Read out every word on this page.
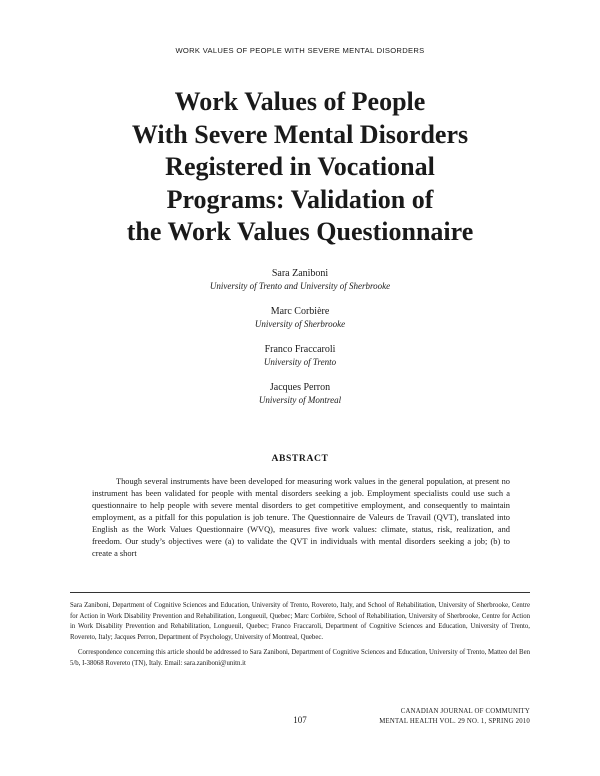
WORK VALUES OF PEOPLE WITH SEVERE MENTAL DISORDERS
Work Values of People
With Severe Mental Disorders
Registered in Vocational
Programs: Validation of
the Work Values Questionnaire
Sara Zaniboni
University of Trento and University of Sherbrooke
Marc Corbière
University of Sherbrooke
Franco Fraccaroli
University of Trento
Jacques Perron
University of Montreal
ABSTRACT

Though several instruments have been developed for measuring work values in the general population, at present no instrument has been validated for people with mental disorders seeking a job. Employment specialists could use such a questionnaire to help people with severe mental disorders to get competitive employment, and consequently to maintain employment, as a pitfall for this population is job tenure. The Questionnaire de Valeurs de Travail (QVT), translated into English as the Work Values Questionnaire (WVQ), measures five work values: climate, status, risk, realization, and freedom. Our study’s objectives were (a) to validate the QVT in individuals with mental disorders seeking a job; (b) to create a short

Sara Zaniboni, Department of Cognitive Sciences and Education, University of Trento, Rovereto, Italy, and School of Rehabilitation, University of Sherbrooke, Centre for Action in Work Disability Prevention and Rehabilitation, Longueuil, Quebec; Marc Corbière, School of Rehabilitation, University of Sherbrooke, Centre for Action in Work Disability Prevention and Rehabilitation, Longueuil, Quebec; Franco Fraccaroli, Department of Cognitive Sciences and Education, University of Trento, Rovereto, Italy; Jacques Perron, Department of Psychology, University of Montreal, Quebec.

Correspondence concerning this article should be addressed to Sara Zaniboni, Department of Cognitive Sciences and Education, University of Trento, Matteo del Ben 5/b, I-38068 Rovereto (TN), Italy. Email: sara.zaniboni@unitn.it

107
CANADIAN JOURNAL OF COMMUNITY
MENTAL HEALTH VOL. 29 NO. 1, SPRING 2010
